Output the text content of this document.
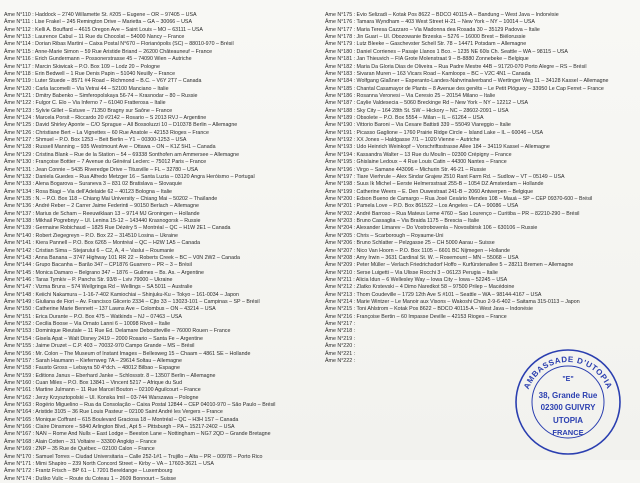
Âme N°110 : Haddock – 2740 Willamette St. #205 – Eugene – OR – 97405 – USA
Âme N°111 : Lise Frakel – 245 Remington Drive – Marietta – GA – 30066 – USA
Âme N°112 : Kelli A. Bouffard – 4615 Oregon Ave – Saint Louis – MO – 63111 – USA
Âme N°113 : Laurence Cabul – 11 Rue du Chocolat – 54000 Nancy – France
Âme N°114 : Dorian Ribas Martini – Caixa Postal N°670 – Florianópolis (SC) – 88010-970 – Brésil
Âme N°115 : Anne-Marie Simon – 59 Rue Aristide Briand – 26200 Châteauneuf – France
Âme N°116 : Erich Gundermann – Possonerstrasse 45 – 74090 Wien – Autriche
Âme N°117 : Marcin Skiwicak – P.O. Box 109 – Lodz 20 – Pologne
Âme N°118 : Erin Bedwell – 1 Rue Denis Papin – 51040 Neuilly – France
Âme N°119 : Luter Stuede – 8571 #4 Road – Richmond – B.C. – V6Y 2T7 – Canada
Âme N°120 : Carla Iacomelli – Via Vetrai 44 – 52100 Manciano – Italie
Âme N°121 : Dmitry Babenko – Simferopolskaya 56-74 – Krasnodar – 80 – Russie
Âme N°122 : Fulgor C. Elo – Via Inferno 7 – 61040 Fratterosa – Italie
Âme N°123 : Sylvie Gillet – Estuve – 71350 Bragny sur Saône – France
Âme N°124 : Marcela Porsit – Riccardo 20 #2142 – Rosario – S 2013 RVJ – Argentine
Âme N°125 : David Shirley Aponte – C/O Sprague – All Bossoluzzi 10 – D10378 Berlin – Allemagne
Âme N°126 : Christiane Bert – La Vignettes – 60 Rue Anatole – 42153 Rioges – France
Âme N°127 : Shmuel – P.O. Box 1253 – Beit Berlin – Y1 – 00300-1253 – USA
Âme N°128 : Russell Manning – 935 Westmount Ave – Ottawa – ON – K1Z 5H1 – Canada
Âme N°129 : Cristina Blank – Rue de la Station – 54 – 69338 Sonthofen am Ammersee – Allemagne
Âme N°130 : Françoise Bottier – 7 Avenue du Général Leclerc – 75012 Paris – France
Âme N°131 : Jean Connie – 5435 Riveredge Drive – Titusville – FL – 32780 – USA
Âme N°132 : Daniela Guedes – Rua Alfredo Metzger 16 – Santa Luzia – 03120 Angra Heróismo – Portugal
Âme N°133 : Alena Bogarova – Suraneva 3 – 831 02 Bratislava – Slovaquie
Âme N°134 : Rosa Biagi – Via dell'Adelaide 62 – 40123 Bologna – Italie
Âme N°135 : N. – P.O. Box 118 – Chiang Mai University – Chiang Mai – 50202 – Thaïlande
Âme N°136 : André Reber – 2 Carrer Jaime Federinti – 90150 Berlach – Allemagne
Âme N°137 : Marius de Scham – Reeuwiklaan 13 – 9714 MJ Groningen – Hollande
Âme N°138 : Mikhail Pogrebnyy – Ul. Lenina 15-12 – 143440 Krasnogorsk – Russie
Âme N°139 : Germaine Robichaud – 1825 Rue Dézéry 5 – Montréal – QC – H1W 2E1 – Canada
Âme N°140 : Robert Ziegegreyn – P.O. Box 22 – 314510 Losina – Ukraine
Âme N°141 : Kiera Pannell – P.O. Box 6265 – Montréal – QC – H2W 1A5 – Canada
Âme N°142 : Cristian Sima – Stejarului 6 – C2, A, 4 – Vaslui – Roumanie
Âme N°143 : Anna Banana – 3747 Highway 101 RR 22 – Roberts Creek – BC – V0N 2W2 – Canada
Âme N°144 : Grupo Bacanha – Barão 347 – CP1876 Guarrero – PR – 3 – Brésil
Âme N°145 : Monica Damaro – Belgrano 347 – 1876 – Guilmes – Bs. As. – Argentine
Âme N°146 : Taras Tymkiv – P. Panchs Str. 93/8 – Lviv 79000 – Ukraine
Âme N°147 : Vizma Bruns – 574 Wellgringa Rd – Wellings – SA 5011 – Australie
Âme N°148 : Keiichi Nakamura – 1-16-7-402 Kamiochiai – Shinjuku-Ku – Tokyo – 161-0034 – Japon
Âme N°149 : Giuliana de Fiori – Av. Francisco Glicerio 2334 – Cjto 33 – 13023-101 – Campinas – SP – Brésil
Âme N°150 : Catherine Marie Bennett – 137 Lawns Ave – Colombus – ON – 43214 – USA
Âme N°151 : Erica Durante – P.O. Box 475 – Watkinds – NJ – 07463 – USA
Âme N°152 : Cecilia Boose – Via Ornato Lanni 6 – 10098 Rivoli – Italie
Âme N°153 : Dominique Rieutale – 11 Rue Ed. Delamare Deboutteville – 76000 Rouen – France
Âme N°154 : Gisela Apat – Walt Disney 2419 – 2000 Rosario – Santa Fe – Argentine
Âme N°155 : Jaime Druzet – C.P. 403 – 70032-970 Campo Grande – MS – Brésil
Âme N°156 : Mr. Colon – The Museum of Instant Images – Bellesweg 15 – Chaam – 4861 SE – Hollande
Âme N°157 : Sarah Haumann – Kiefernweg 7A – 29614 Soltau – Allemagne
Âme N°158 : Fausto Gross – Lebayra 50 4°dch. – 48012 Bilbao – Espagne
Âme N°159 : Editions Janus – Eberhard Janke – Schlossstr. 8 – 13507 Berlin – Allemagne
Âme N°160 : Cuan Miles – P.O. Box 13841 – Vincent 5217 – Afrique du Sud
Âme N°161 : Martine Julmann – 11 Rue Marcel Bouton – 02100 Aguilcourt – France
Âme N°162 : Jerzy Krzysztopolski – Ul. Konska Imil – 03-744 Warszawa – Pologne
Âme N°163 : Rogério Miguelino – Rua da Consolação – Caixa Postal 12844 – CEP 04010-970 – São Paulo – Brésil
Âme N°164 : Aristide 3105 – 36 Rue Louis Pasteur – 02100 Saint André les Vergers – France
Âme N°165 : Monique Coffrant – 615 Boulevard Graciosa 18 – Montréal – QC – H3H 1S7 – Canada
Âme N°166 : Claire Dinsmore – 5840 Arlington Blvd., Apt 5 – Pittsburgh – PA – 15217-2402 – USA
Âme N°167 : NAN – Rome And Nulls – East Lodge – Beeston Lane – Nottingham – NG7 2QD – Grande Bretagne
Âme N°168 : Alain Cotten – 31 Voltaire – 33300 Angkiip – France
Âme N°169 : ZNP – 35 Rue de Québec – 02100 Calon – France
Âme N°170 : Samuel Torres – Ciudad Universitaria – Calle 252-1#1 – Trujillo – Alta – PR – 00978 – Porto Rico
Âme N°171 : Mimi Shapiro – 239 North Concord Street – Kirby – VA – 17603-3621 – USA
Âme N°172 : Frantz Frisch – BP 61 – L 7201 Bereldange – Luxembourg
Âme N°174 : Duško Vulic – Route du Coteau 1 – 2609 Bonnourt – Suisse
Âme N°175 : Evio Selizadi – Kotak Pos 8622 – BDCO 40115-A – Bandung – West Java – Indonésie
Âme N°176 : Tamara Wyndham – 403 West Street H-21 – New York – NY – 10014 – USA
Âme N°177 : Maria Teresa Cazzaro – Via Madonna dea Rosada 30 – 35129 Padova – Italie
Âme N°178 : Jin Guari – Ul. Obozowanie Brzeska – 5276 – 16000 Brest – Biélorussie
Âme N°179 : Lutz Bleeke – Gaschevster Schell Str. 78 – 14471 Potsdam – Allemagne
Âme N°180 : Daniel Corrienes – Pasaje Llanos 1 Bco. – 1235 NE 60ls Ch. Seattle – WA – 98115 – USA
Âme N°181 : Jan Thieuvich – FIA Grote Molenstraat 9 – B-8880 Zonnebeke – Belgique
Âme N°182 : Maria Da Gloria Dias de Oliveira – Rua Padre Mestre 44B – 91720-070 Porto Alegre – RS – Brésil
Âme N°183 : Sivaran Muren – 163 Vicars Road – Kamloops – BC – V2C 4N1 – Canada
Âme N°184 : Wolfgang Glaßner – Esperanto-Landes-Nahvrinalverband – Wertinger Weg 11 – 34128 Kassel – Allemagne
Âme N°185 : Chantal Casamayor de Plants – 8 Avenue des genêts – Le Petit Plöguey – 33950 Le Cap Ferret – France
Âme N°186 : Rosanna Veronesi – Via Ceresio 25 – 20154 Milano – Italie
Âme N°187 : Caylie Valdesecia – 5060 Breckinge Rd – New York – NY – 12212 – USA
Âme N°188 : Sky City – 164 28th St. SW – Hickory – NC – 28602-2091 – USA
Âme N°189 : Obsolete – P.O. Box 5554 – Milan – IL – 61264 – USA
Âme N°190 : Vittorio Baroni – Via Cesare Battisti 339 – 55049 Viareggio – Italie
Âme N°191 : Picasso Gaglione – 1760 Prairie Ridge Circle – Island Lake – IL – 60046 – USA
Âme N°192 : XX Jones – Haldgasse 7/1 – 1020 Vienne – Autriche
Âme N°193 : Udo Heinrich Weinkopf – Vorschriftsstrasse Allee 184 – 34119 Kassel – Allemagne
Âme N°194 : Kassandra Walter – 13 Rue du Moulin – 02300 Crépigny – France
Âme N°195 : Ghislaine Ledoux – 4 Rue Louis Catin – 44300 Nantes – France
Âme N°196 : Virgo – Samane 443096 – Michurin Str. 46-21 – Russie
Âme N°197 : Tiare Vierhrule – Alex Sindar Grajew 2510 Rant Farm Rd. – Sudlow – VT – 05149 – USA
Âme N°198 : Suus Ik Michel – Eerste Helmersstraat 255-B – 1054 DZ Amsterdam – Hollande
Âme N°199 : Catherine Weers – E. Den Ouwestraat 241-B – 2060 Antwerpen – Belgique
Âme N°200 : Edson Bueno de Camargo – Rua José Cesário Mendes 108 – Mauá – SP – CEP 09370-600 – Brésil
Âme N°201 : Pamela Love – P.O. Box 861522 – Los Angeles – CA – 90086 – USA
Âme N°202 : André Barroso – Rua Mateus Leme 4760 – Sao Lourenço – Curitiba – PR – 82210-290 – Brésil
Âme N°203 : Bruno Cassaglia – Via Braida 1175 – Brescia – Italie
Âme N°204 : Alexander Limarev – Do Vostrobovenla – Novosibirsk 106 – 630106 – Russie
Âme N°205 : Chris – Scarborough – Royaume-Uni
Âme N°206 : Bruno Schlatter – Pelzgasse 25 – CH 5000 Aarau – Suisse
Âme N°207 : Nico Van Hoorn – P.O. Box 1105 – 6601 BC Nijmegen – Hollande
Âme N°208 : Amy Irwin – 3631 Cardinal St. W. – Rosemount – MN – 55068 – USA
Âme N°209 : Peter Müller – Verlach Friedrichsdorf Hoffo – Kurfürstenallee 5 – 28211 Bremen – Allemagne
Âme N°210 : Serse Luigetti – Via Ulisse Rocchi 3 – 06123 Perugia – Italie
Âme N°211 : Alicia Idun – 6 Wellesley Way – Iowa City – Iowa – 52245 – USA
Âme N°212 : Zlatko Krstevski – 4 Dimo Naredkot 58 – 97500 Prilep – Macédoine
Âme N°213 : Thom Coudeville – 1729 12th Ave S #101 – Seattle – WA – 98144-4167 – USA
Âme N°214 : Marie Wintzer – Le Manoir aux Visons – Wakoshi Chuo 2-9-6-402 – Saitama 315-0113 – Japon
Âme N°215 : Toni Ahlstrom – Kotak Pos 8622 – BDCO 40115-A – West Java – Indonésie
Âme N°216 : Françoise Bertin – 60 Impasse Deville – 42153 Rioges – France
Âme N°217 :
Âme N°218 :
Âme N°219 :
Âme N°220 :
Âme N°221 :
Âme N°222 :
AMBASSADE D'UTOPIA
"E"
38, Grande Rue
02300 GUIVRY
UTOPIA
FRANCE
